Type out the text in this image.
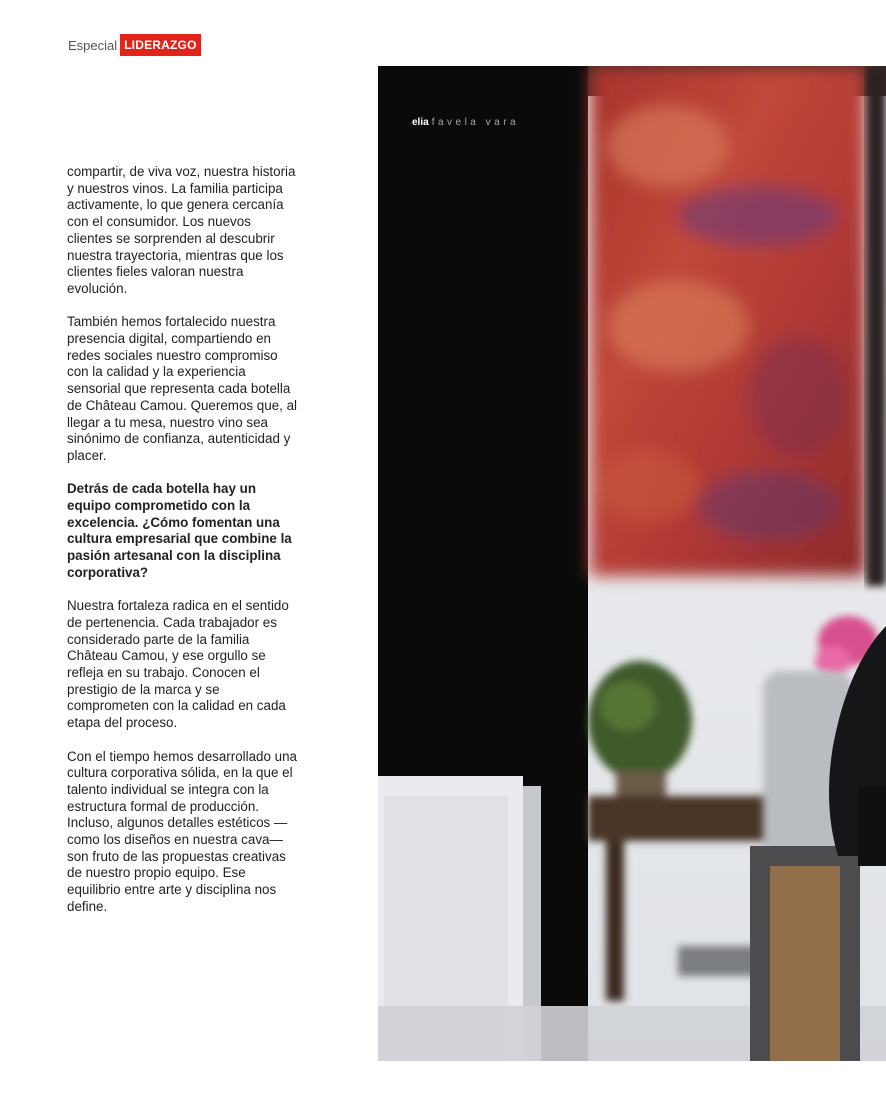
Especial LIDERAZGO

compartir, de viva voz, nuestra historia y nuestros vinos. La familia participa activamente, lo que genera cercanía con el consumidor. Los nuevos clientes se sorprenden al descubrir nuestra trayectoria, mientras que los clientes fieles valoran nuestra evolución.

También hemos fortalecido nuestra presencia digital, compartiendo en redes sociales nuestro compromiso con la calidad y la experiencia sensorial que representa cada botella de Château Camou. Queremos que, al llegar a tu mesa, nuestro vino sea sinónimo de confianza, autenticidad y placer.

Detrás de cada botella hay un equipo comprometido con la excelencia. ¿Cómo fomentan una cultura empresarial que combine la pasión artesanal con la disciplina corporativa?

Nuestra fortaleza radica en el sentido de pertenencia. Cada trabajador es considerado parte de la familia Château Camou, y ese orgullo se refleja en su trabajo. Conocen el prestigio de la marca y se comprometen con la calidad en cada etapa del proceso.

Con el tiempo hemos desarrollado una cultura corporativa sólida, en la que el talento individual se integra con la estructura formal de producción. Incluso, algunos detalles estéticos —como los diseños en nuestra cava— son fruto de las propuestas creativas de nuestro propio equipo. Ese equilibrio entre arte y disciplina nos define.

elia favela vara
